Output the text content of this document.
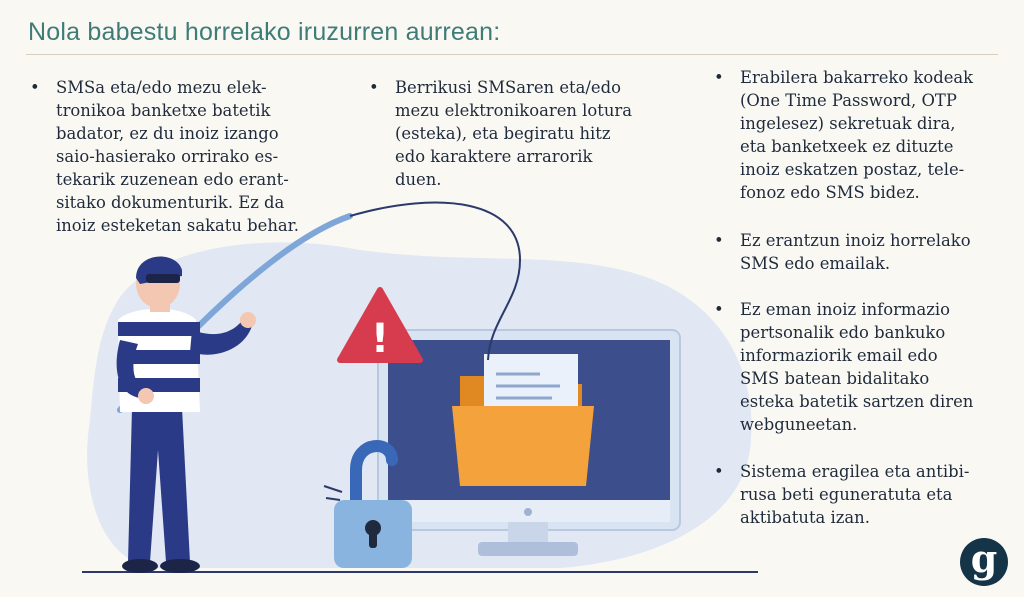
Nola babestu horrelako iruzurren aurrean:
!
• SMSa eta/edo mezu elek-
tronikoa banketxe batetik
badator, ez du inoiz izango
saio-hasierako orrirako es-
tekarik zuzenean edo erant-
sitako dokumenturik. Ez da
inoiz esteketan sakatu behar.
• Berrikusi SMSaren eta/edo
mezu elektronikoaren lotura
(esteka), eta begiratu hitz
edo karaktere arrarorik
duen.
• Erabilera bakarreko kodeak
(One Time Password, OTP
ingelesez) sekretuak dira,
eta banketxeek ez dituzte
inoiz eskatzen postaz, tele-
fonoz edo SMS bidez.
• Ez erantzun inoiz horrelako
SMS edo emailak.
• Ez eman inoiz informazio
pertsonalik edo bankuko
informaziorik email edo
SMS batean bidalitako
esteka batetik sartzen diren
webguneetan.
• Sistema eragilea eta antibi-
rusa beti eguneratuta eta
aktibatuta izan.
g
